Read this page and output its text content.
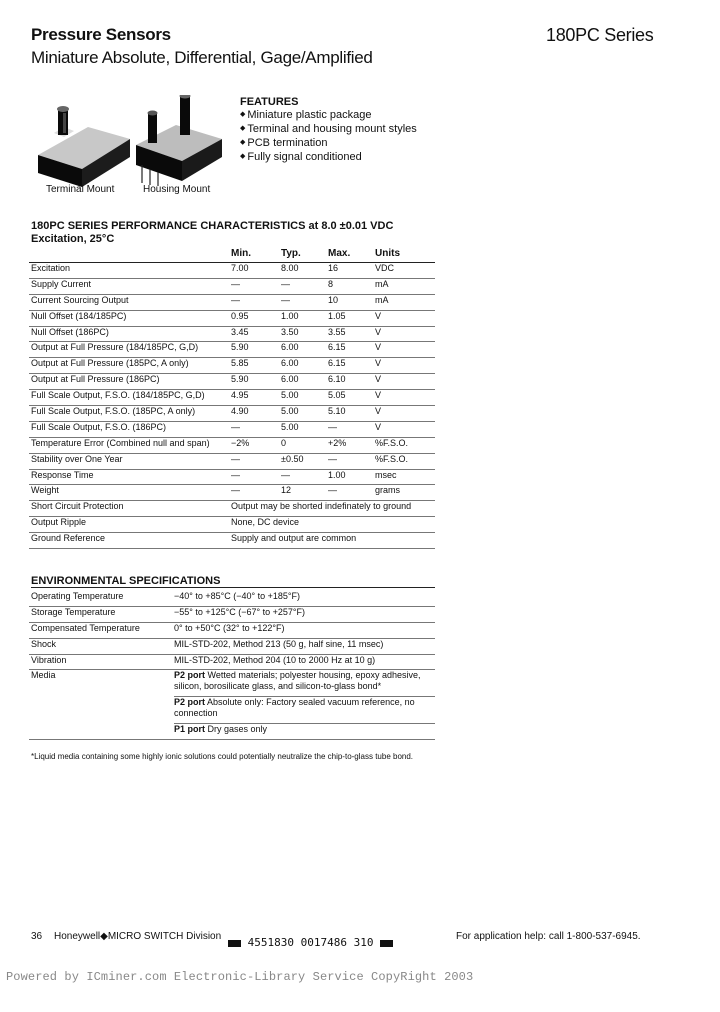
Pressure Sensors
Miniature Absolute, Differential, Gage/Amplified
180PC Series
Terminal Mount	Housing Mount
FEATURES
◆ Miniature plastic package
◆ Terminal and housing mount styles
◆ PCB termination
◆ Fully signal conditioned
180PC SERIES PERFORMANCE CHARACTERISTICS at 8.0 ±0.01 VDC Excitation, 25°C
	Min.	Typ.	Max.	Units
Excitation	7.00	8.00	16	VDC
Supply Current	—	—	8	mA
Current Sourcing Output	—	—	10	mA
Null Offset (184/185PC)	0.95	1.00	1.05	V
Null Offset (186PC)	3.45	3.50	3.55	V
Output at Full Pressure (184/185PC, G,D)	5.90	6.00	6.15	V
Output at Full Pressure (185PC, A only)	5.85	6.00	6.15	V
Output at Full Pressure (186PC)	5.90	6.00	6.10	V
Full Scale Output, F.S.O. (184/185PC, G,D)	4.95	5.00	5.05	V
Full Scale Output, F.S.O. (185PC, A only)	4.90	5.00	5.10	V
Full Scale Output, F.S.O. (186PC)	—	5.00	—	V
Temperature Error (Combined null and span)	−2%	0	+2%	%F.S.O.
Stability over One Year	—	±0.50	—	%F.S.O.
Response Time	—	—	1.00	msec
Weight	—	12	—	grams
Short Circuit Protection	Output may be shorted indefinately to ground			
Output Ripple	None, DC device			
Ground Reference	Supply and output are common			
ENVIRONMENTAL SPECIFICATIONS
Operating Temperature	−40° to +85°C (−40° to +185°F)
Storage Temperature	−55° to +125°C (−67° to +257°F)
Compensated Temperature	0° to +50°C (32° to +122°F)
Shock	MIL-STD-202, Method 213 (50 g, half sine, 11 msec)
Vibration	MIL-STD-202, Method 204 (10 to 2000 Hz at 10 g)
Media	P2 port Wetted materials; polyester housing, epoxy adhesive, silicon, borosilicate glass, and silicon-to-glass bond*
P2 port Absolute only: Factory sealed vacuum reference, no connection
P1 port Dry gases only
*Liquid media containing some highly ionic solutions could potentially neutralize the chip-to-glass tube bond.
36 Honeywell◆MICRO SWITCH Division	4551830 0017486 310	For application help: call 1-800-537-6945.
Powered by ICminer.com Electronic-Library Service CopyRight 2003
